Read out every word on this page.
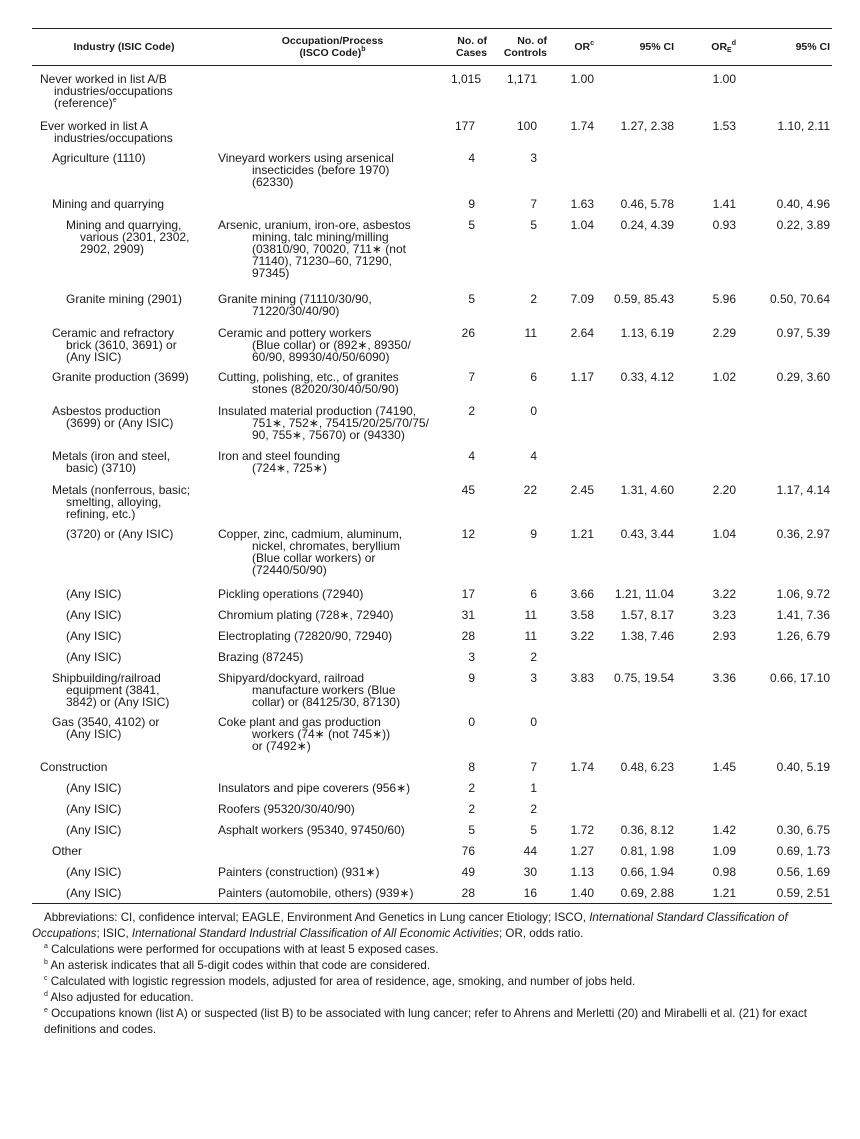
Industry (ISIC Code)	Occupation/Process
(ISCO Code)$^b$	No. of Cases	No. of Controls	$OR^c$	95% CI	$OR_E^d$	95% CI

Never worked in list A/B
industries/occupations
(reference)$^e$		1,015	1,171	1.00		1.00	

Ever worked in list A
industries/occupations		177	100	1.74	1.27, 2.38	1.53	1.10, 2.11

Agriculture (1110)	Vineyard workers using arsenical
insecticides (before 1970)
(62330)	4	3				

Mining and quarrying		9	7	1.63	0.46, 5.78	1.41	0.40, 4.96

Mining and quarrying,
various (2301, 2302,
2902, 2909)	Arsenic, uranium, iron-ore, asbestos
mining, talc mining/milling
(03810/90, 70020, 711∗ (not
71140), 71230–60, 71290,
97345)	5	5	1.04	0.24, 4.39	0.93	0.22, 3.89

Granite mining (2901)	Granite mining (71110/30/90,
71220/30/40/90)	5	2	7.09	0.59, 85.43	5.96	0.50, 70.64

Ceramic and refractory
brick (3610, 3691) or
(Any ISIC)	Ceramic and pottery workers
(Blue collar) or (892∗, 89350/
60/90, 89930/40/50/6090)	26	11	2.64	1.13, 6.19	2.29	0.97, 5.39

Granite production (3699)	Cutting, polishing, etc., of granites
stones (82020/30/40/50/90)	7	6	1.17	0.33, 4.12	1.02	0.29, 3.60

Asbestos production
(3699) or (Any ISIC)	Insulated material production (74190,
751∗, 752∗, 75415/20/25/70/75/
90, 755∗, 75670) or (94330)	2	0				

Metals (iron and steel,
basic) (3710)	Iron and steel founding
(724∗, 725∗)	4	4				

Metals (nonferrous, basic;
smelting, alloying,
refining, etc.)		45	22	2.45	1.31, 4.60	2.20	1.17, 4.14

(3720) or (Any ISIC)	Copper, zinc, cadmium, aluminum,
nickel, chromates, beryllium
(Blue collar workers) or
(72440/50/90)	12	9	1.21	0.43, 3.44	1.04	0.36, 2.97

(Any ISIC)	Pickling operations (72940)	17	6	3.66	1.21, 11.04	3.22	1.06, 9.72

(Any ISIC)	Chromium plating (728∗, 72940)	31	11	3.58	1.57, 8.17	3.23	1.41, 7.36

(Any ISIC)	Electroplating (72820/90, 72940)	28	11	3.22	1.38, 7.46	2.93	1.26, 6.79

(Any ISIC)	Brazing (87245)	3	2				

Shipbuilding/railroad
equipment (3841,
3842) or (Any ISIC)	Shipyard/dockyard, railroad
manufacture workers (Blue
collar) or (84125/30, 87130)	9	3	3.83	0.75, 19.54	3.36	0.66, 17.10

Gas (3540, 4102) or
(Any ISIC)	Coke plant and gas production
workers (74∗ (not 745∗))
or (7492∗)	0	0				

Construction		8	7	1.74	0.48, 6.23	1.45	0.40, 5.19

(Any ISIC)	Insulators and pipe coverers (956∗)	2	1				

(Any ISIC)	Roofers (95320/30/40/90)	2	2				

(Any ISIC)	Asphalt workers (95340, 97450/60)	5	5	1.72	0.36, 8.12	1.42	0.30, 6.75

Other		76	44	1.27	0.81, 1.98	1.09	0.69, 1.73

(Any ISIC)	Painters (construction) (931∗)	49	30	1.13	0.66, 1.94	0.98	0.56, 1.69

(Any ISIC)	Painters (automobile, others) (939∗)	28	16	1.40	0.69, 2.88	1.21	0.59, 2.51

Abbreviations: CI, confidence interval; EAGLE, Environment And Genetics in Lung cancer Etiology; ISCO, International Standard Classification of Occupations; ISIC, International Standard Industrial Classification of All Economic Activities; OR, odds ratio.

$^a$ Calculations were performed for occupations with at least 5 exposed cases.

$^b$ An asterisk indicates that all 5-digit codes within that code are considered.

$^c$ Calculated with logistic regression models, adjusted for area of residence, age, smoking, and number of jobs held.

$^d$ Also adjusted for education.

$^e$ Occupations known (list A) or suspected (list B) to be associated with lung cancer; refer to Ahrens and Merletti (20) and Mirabelli et al. (21) for exact definitions and codes.
